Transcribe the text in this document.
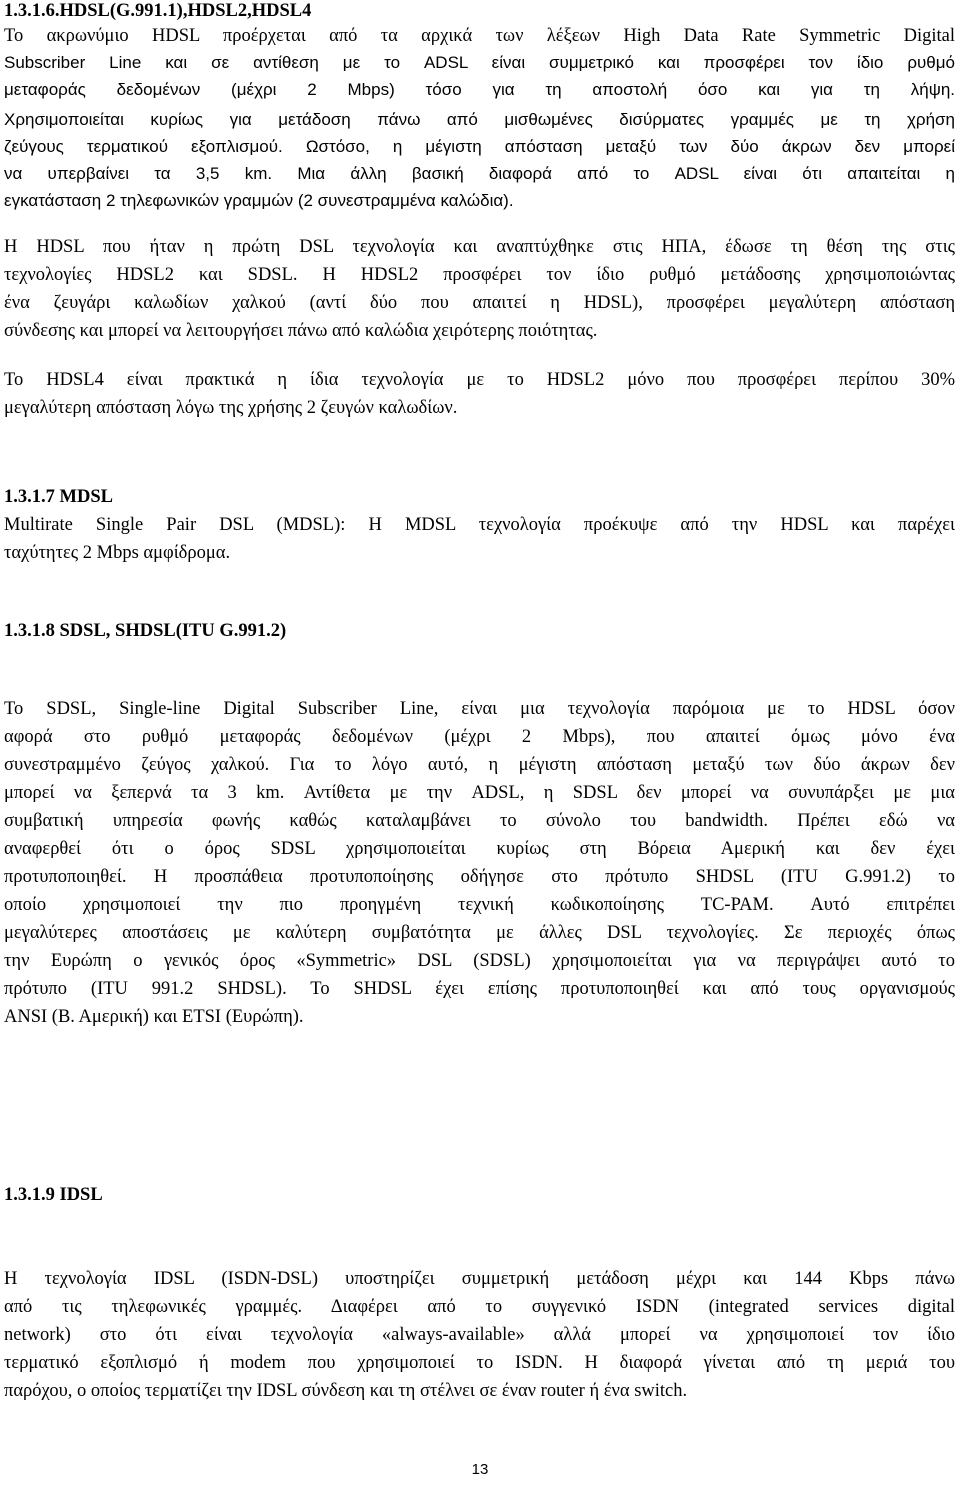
1.3.1.6.HDSL(G.991.1),HDSL2,HDSL4
Το ακρωνύμιο HDSL προέρχεται από τα αρχικά των λέξεων High Data Rate Symmetric Digital
Subscriber Line και σε αντίθεση με το ADSL είναι συμμετρικό και προσφέρει τον ίδιο ρυθμό
μεταφοράς δεδομένων (μέχρι 2 Mbps) τόσο για τη αποστολή όσο και για τη λήψη.
Χρησιμοποιείται κυρίως για μετάδοση πάνω από μισθωμένες δισύρματες γραμμές με τη χρήση
ζεύγους τερματικού εξοπλισμού. Ωστόσο, η μέγιστη απόσταση μεταξύ των δύο άκρων δεν μπορεί
να υπερβαίνει τα 3,5 km. Μια άλλη βασική διαφορά από το ADSL είναι ότι απαιτείται η
εγκατάσταση 2 τηλεφωνικών γραμμών (2 συνεστραμμένα καλώδια).
Η HDSL που ήταν η πρώτη DSL τεχνολογία και αναπτύχθηκε στις ΗΠΑ, έδωσε τη θέση της στις
τεχνολογίες HDSL2 και SDSL. Η HDSL2 προσφέρει τον ίδιο ρυθμό μετάδοσης χρησιμοποιώντας
ένα ζευγάρι καλωδίων χαλκού (αντί δύο που απαιτεί η HDSL), προσφέρει μεγαλύτερη απόσταση
σύνδεσης και μπορεί να λειτουργήσει πάνω από καλώδια χειρότερης ποιότητας.
Το HDSL4 είναι πρακτικά η ίδια τεχνολογία με το HDSL2 μόνο που προσφέρει περίπου 30%
μεγαλύτερη απόσταση λόγω της χρήσης 2 ζευγών καλωδίων.
1.3.1.7 MDSL
Multirate Single Pair DSL (MDSL): Η MDSL τεχνολογία προέκυψε από την HDSL και παρέχει
ταχύτητες 2 Mbps αμφίδρομα.
1.3.1.8 SDSL, SHDSL(ITU G.991.2)
Το SDSL, Single-line Digital Subscriber Line, είναι μια τεχνολογία παρόμοια με το HDSL όσον
αφορά στο ρυθμό μεταφοράς δεδομένων (μέχρι 2 Mbps), που απαιτεί όμως μόνο ένα
συνεστραμμένο ζεύγος χαλκού. Για το λόγο αυτό, η μέγιστη απόσταση μεταξύ των δύο άκρων δεν
μπορεί να ξεπερνά τα 3 km. Αντίθετα με την ADSL, η SDSL δεν μπορεί να συνυπάρξει με μια
συμβατική υπηρεσία φωνής καθώς καταλαμβάνει το σύνολο του bandwidth. Πρέπει εδώ να
αναφερθεί ότι ο όρος SDSL χρησιμοποιείται κυρίως στη Βόρεια Αμερική και δεν έχει
προτυποποιηθεί. Η προσπάθεια προτυποποίησης οδήγησε στο πρότυπο SHDSL (ITU G.991.2) το
οποίο χρησιμοποιεί την πιο προηγμένη τεχνική κωδικοποίησης TC-PAM. Αυτό επιτρέπει
μεγαλύτερες αποστάσεις με καλύτερη συμβατότητα με άλλες DSL τεχνολογίες. Σε περιοχές όπως
την Ευρώπη ο γενικός όρος «Symmetric» DSL (SDSL) χρησιμοποιείται για να περιγράψει αυτό το
πρότυπο (ITU 991.2 SHDSL). Το SHDSL έχει επίσης προτυποποιηθεί και από τους οργανισμούς
ANSI (Β. Αμερική) και ETSI (Ευρώπη).
1.3.1.9 IDSL
Η τεχνολογία IDSL (ISDN-DSL) υποστηρίζει συμμετρική μετάδοση μέχρι και 144 Kbps πάνω
από τις τηλεφωνικές γραμμές. Διαφέρει από το συγγενικό ISDN (integrated services digital
network) στο ότι είναι τεχνολογία «always-available» αλλά μπορεί να χρησιμοποιεί τον ίδιο
τερματικό εξοπλισμό ή modem που χρησιμοποιεί το ISDN. Η διαφορά γίνεται από τη μεριά του
παρόχου, ο οποίος τερματίζει την IDSL σύνδεση και τη στέλνει σε έναν router ή ένα switch.
13
